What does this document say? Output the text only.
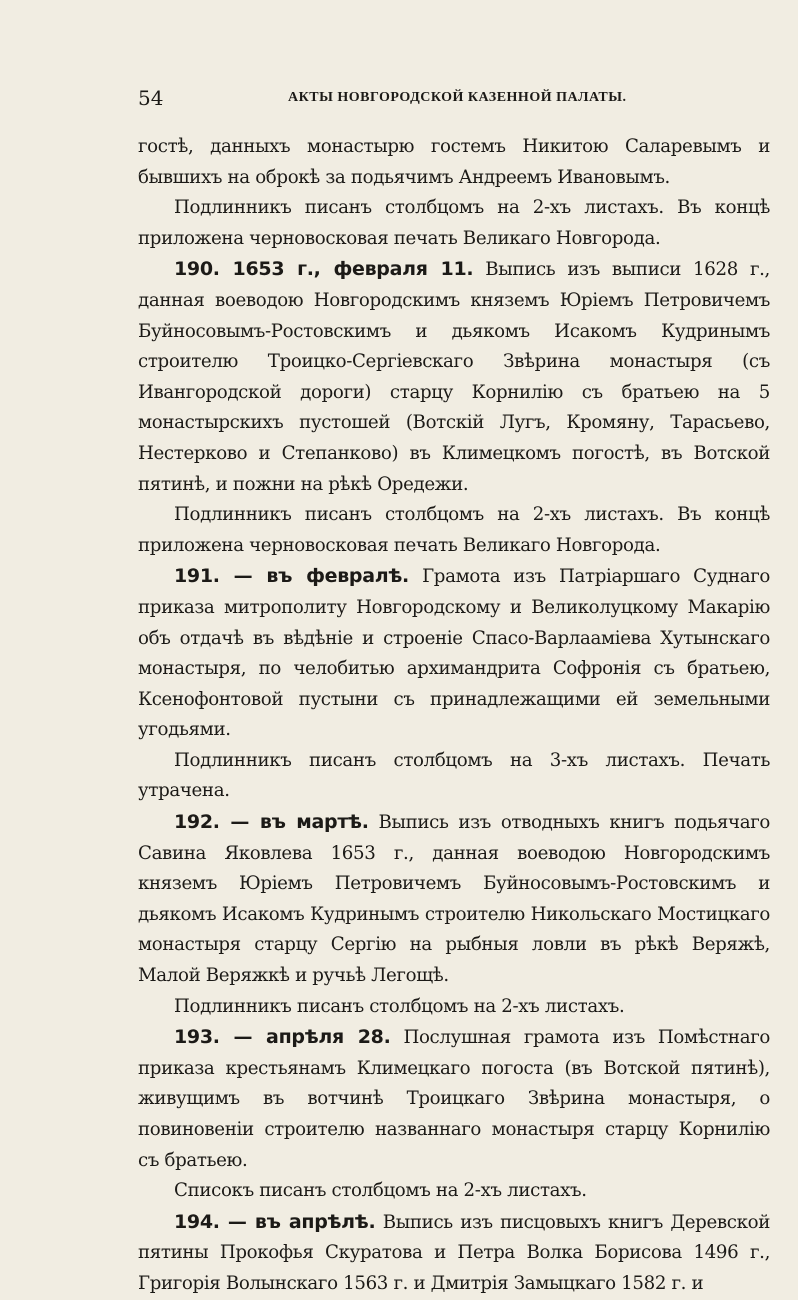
54	АКТЫ НОВГОРОДСКОЙ КАЗЕННОЙ ПАЛАТЫ.

гостѣ, данныхъ монастырю гостемъ Никитою Саларевымъ и бывшихъ на оброкѣ за подьячимъ Андреемъ Ивановымъ.

Подлинникъ писанъ столбцомъ на 2-хъ листахъ. Въ концѣ приложена черновосковая печать Великаго Новгорода.

190. 1653 г., февраля 11. Выпись изъ выписи 1628 г., данная воеводою Новгородскимъ княземъ Юріемъ Петровичемъ Буйносовымъ-Ростовскимъ и дьякомъ Исакомъ Кудринымъ строителю Троицко-Сергіевскаго Звѣрина монастыря (съ Ивангородской дороги) старцу Корнилію съ братьею на 5 монастырскихъ пустошей (Вотскій Лугъ, Кромяну, Тарасьево, Нестерково и Степанково) въ Климецкомъ погостѣ, въ Вотской пятинѣ, и пожни на рѣкѣ Оредежи.

Подлинникъ писанъ столбцомъ на 2-хъ листахъ. Въ концѣ приложена черновосковая печать Великаго Новгорода.

191. — въ февралѣ. Грамота изъ Патріаршаго Суднаго приказа митрополиту Новгородскому и Великолуцкому Макарію объ отдачѣ въ вѣдѣніе и строеніе Спасо-Варлааміева Хутынскаго монастыря, по челобитью архимандрита Софронія съ братьею, Ксенофонтовой пустыни съ принадлежащими ей земельными угодьями.

Подлинникъ писанъ столбцомъ на 3-хъ листахъ. Печать утрачена.

192. — въ мартѣ. Выпись изъ отводныхъ книгъ подьячаго Савина Яковлева 1653 г., данная воеводою Новгородскимъ княземъ Юріемъ Петровичемъ Буйносовымъ-Ростовскимъ и дьякомъ Исакомъ Кудринымъ строителю Никольскаго Мостицкаго монастыря старцу Сергію на рыбныя ловли въ рѣкѣ Веряжѣ, Малой Веряжкѣ и ручьѣ Легощѣ.

Подлинникъ писанъ столбцомъ на 2-хъ листахъ.

193. — апрѣля 28. Послушная грамота изъ Помѣстнаго приказа крестьянамъ Климецкаго погоста (въ Вотской пятинѣ), живущимъ въ вотчинѣ Троицкаго Звѣрина монастыря, о повиновеніи строителю названнаго монастыря старцу Корнилію съ братьею.

Списокъ писанъ столбцомъ на 2-хъ листахъ.

194. — въ апрѣлѣ. Выпись изъ писцовыхъ книгъ Деревской пятины Прокофья Скуратова и Петра Волка Борисова 1496 г., Григорія Волынскаго 1563 г. и Дмитрія Замыцкаго 1582 г. и
